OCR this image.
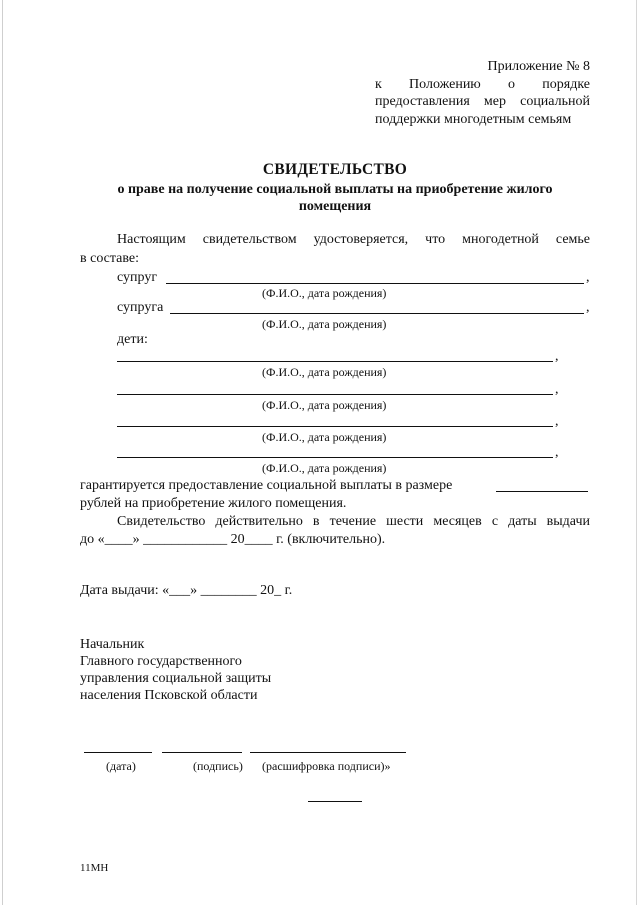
Приложение № 8
к Положению о порядке
предоставления мер социальной
поддержки многодетным семьям
СВИДЕТЕЛЬСТВО
о праве на получение социальной выплаты на приобретение жилого помещения
Настоящим свидетельством удостоверяется, что многодетной семье
в составе:
супруг	,
(Ф.И.О., дата рождения)
супруга	,
(Ф.И.О., дата рождения)
дети:
,
(Ф.И.О., дата рождения)
,
(Ф.И.О., дата рождения)
,
(Ф.И.О., дата рождения)
,
(Ф.И.О., дата рождения)
гарантируется предоставление социальной выплаты в размере
рублей на приобретение жилого помещения.
Свидетельство действительно в течение шести месяцев с даты выдачи
до «____» ____________ 20____ г. (включительно).
Дата выдачи: «___» ________ 20_ г.
Начальник
Главного государственного
управления социальной защиты
населения Псковской области
(дата)	(подпись) (расшифровка подписи)»
11МН
